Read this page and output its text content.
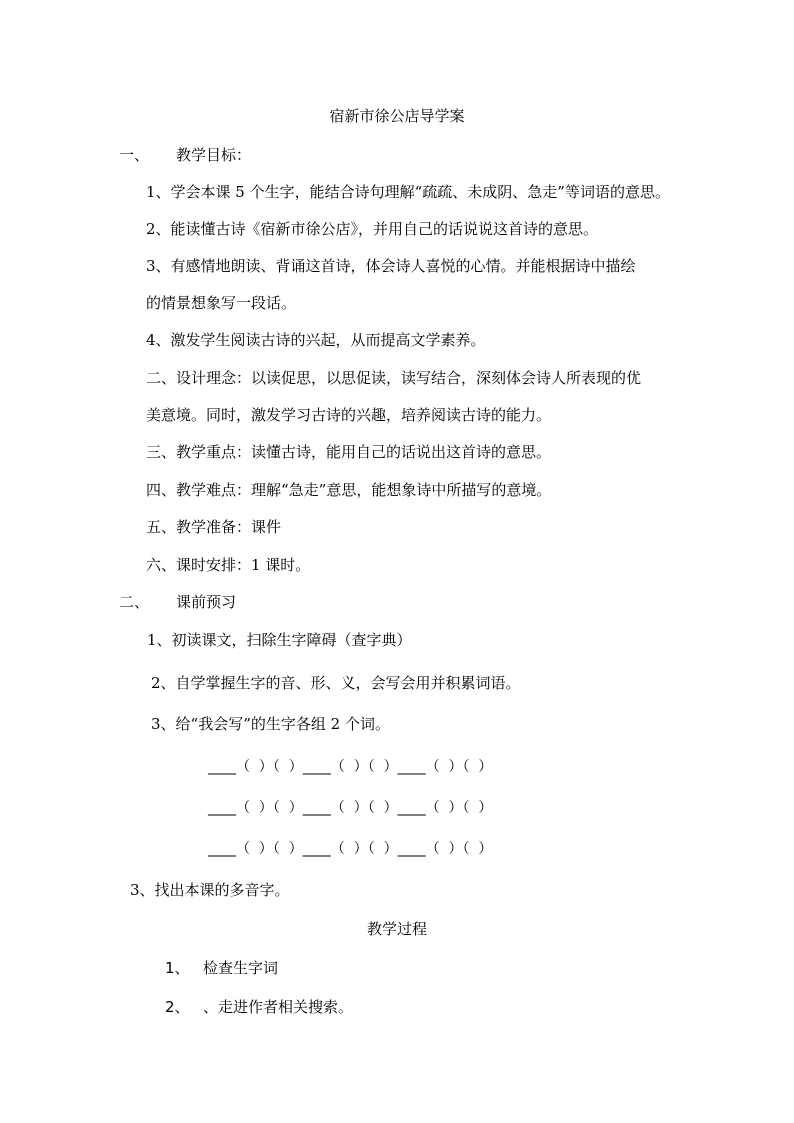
宿新市徐公店导学案
一、 教学目标：
1、学会本课 5 个生字，能结合诗句理解“疏疏、未成阴、急走”等词语的意思。
2、能读懂古诗《宿新市徐公店》，并用自己的话说说这首诗的意思。
3、有感情地朗读、背诵这首诗，体会诗人喜悦的心情。并能根据诗中描绘
的情景想象写一段话。
4、激发学生阅读古诗的兴起，从而提高文学素养。
二、设计理念：以读促思，以思促读，读写结合，深刻体会诗人所表现的优
美意境。同时，激发学习古诗的兴趣，培养阅读古诗的能力。
三、教学重点：读懂古诗，能用自己的话说出这首诗的意思。
四、教学难点：理解“急走”意思，能想象诗中所描写的意境。
五、教学准备：课件
六、课时安排：1 课时。
二、 课前预习
1、初读课文，扫除生字障碍（查字典）
2、自学掌握生字的音、形、义，会写会用并积累词语。
3、给“我会写”的生字各组 2 个词。
____（  ）（  ）____（  ）（  ）____（  ）（  ）
____（  ）（  ）____（  ）（  ）____（  ）（  ）
____（  ）（  ）____（  ）（  ）____（  ）（  ）
3、找出本课的多音字。
教学过程
1、 检查生字词
2、 、走进作者相关搜索。
